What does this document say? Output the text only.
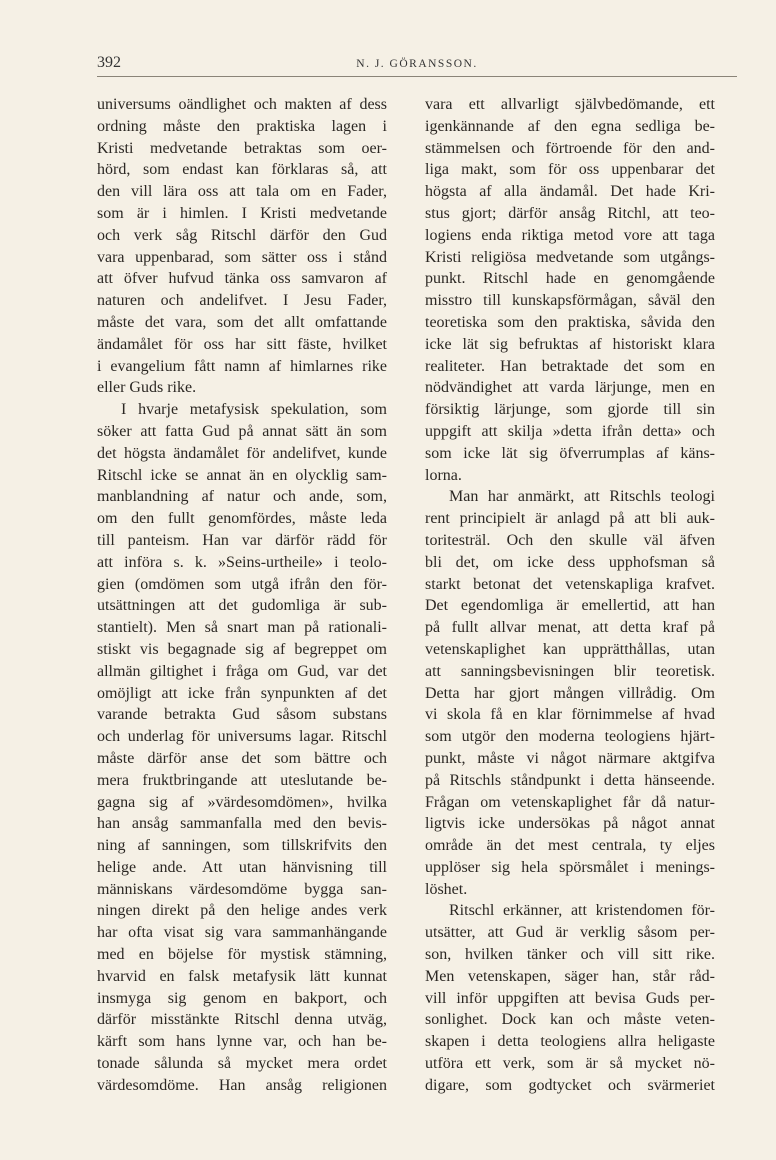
392	N. J. GÖRANSSON.
universums oändlighet och makten af dess
ordning måste den praktiska lagen i
Kristi medvetande betraktas som oer-
hörd, som endast kan förklaras så, att
den vill lära oss att tala om en Fader,
som är i himlen. I Kristi medvetande
och verk såg Ritschl därför den Gud
vara uppenbarad, som sätter oss i stånd
att öfver hufvud tänka oss samvaron af
naturen och andelifvet. I Jesu Fader,
måste det vara, som det allt omfattande
ändamålet för oss har sitt fäste, hvilket
i evangelium fått namn af himlarnes rike
eller Guds rike.
I hvarje metafysisk spekulation, som
söker att fatta Gud på annat sätt än som
det högsta ändamålet för andelifvet, kunde
Ritschl icke se annat än en olycklig sam-
manblandning af natur och ande, som,
om den fullt genomfördes, måste leda
till panteism. Han var därför rädd för
att införa s. k. »Seins-urtheile» i teolo-
gien (omdömen som utgå ifrån den för-
utsättningen att det gudomliga är sub-
stantielt). Men så snart man på rationali-
stiskt vis begagnade sig af begreppet om
allmän giltighet i fråga om Gud, var det
omöjligt att icke från synpunkten af det
varande betrakta Gud såsom substans
och underlag för universums lagar. Ritschl
måste därför anse det som bättre och
mera fruktbringande att uteslutande be-
gagna sig af »värdesomdömen», hvilka
han ansåg sammanfalla med den bevis-
ning af sanningen, som tillskrifvits den
helige ande. Att utan hänvisning till
människans värdesomdöme bygga san-
ningen direkt på den helige andes verk
har ofta visat sig vara sammanhängande
med en böjelse för mystisk stämning,
hvarvid en falsk metafysik lätt kunnat
insmyga sig genom en bakport, och
därför misstänkte Ritschl denna utväg,
kärft som hans lynne var, och han be-
tonade sålunda så mycket mera ordet
värdesomdöme. Han ansåg religionen
vara ett allvarligt självbedömande, ett
igenkännande af den egna sedliga be-
stämmelsen och förtroende för den and-
liga makt, som för oss uppenbarar det
högsta af alla ändamål. Det hade Kri-
stus gjort; därför ansåg Ritchl, att teo-
logiens enda riktiga metod vore att taga
Kristi religiösa medvetande som utgångs-
punkt. Ritschl hade en genomgående
misstro till kunskapsförmågan, såväl den
teoretiska som den praktiska, såvida den
icke lät sig befruktas af historiskt klara
realiteter. Han betraktade det som en
nödvändighet att varda lärjunge, men en
försiktig lärjunge, som gjorde till sin
uppgift att skilja »detta ifrån detta» och
som icke lät sig öfverrumplas af käns-
lorna.
Man har anmärkt, att Ritschls teologi
rent principielt är anlagd på att bli auk-
toritesträl. Och den skulle väl äfven
bli det, om icke dess upphofsman så
starkt betonat det vetenskapliga krafvet.
Det egendomliga är emellertid, att han
på fullt allvar menat, att detta kraf på
vetenskaplighet kan upprätthållas, utan
att sanningsbevisningen blir teoretisk.
Detta har gjort mången villrådig. Om
vi skola få en klar förnimmelse af hvad
som utgör den moderna teologiens hjärt-
punkt, måste vi något närmare aktgifva
på Ritschls ståndpunkt i detta hänseende.
Frågan om vetenskaplighet får då natur-
ligtvis icke undersökas på något annat
område än det mest centrala, ty eljes
upplöser sig hela spörsmålet i menings-
löshet.
Ritschl erkänner, att kristendomen för-
utsätter, att Gud är verklig såsom per-
son, hvilken tänker och vill sitt rike.
Men vetenskapen, säger han, står råd-
vill inför uppgiften att bevisa Guds per-
sonlighet. Dock kan och måste veten-
skapen i detta teologiens allra heligaste
utföra ett verk, som är så mycket nö-
digare, som godtycket och svärmeriet
